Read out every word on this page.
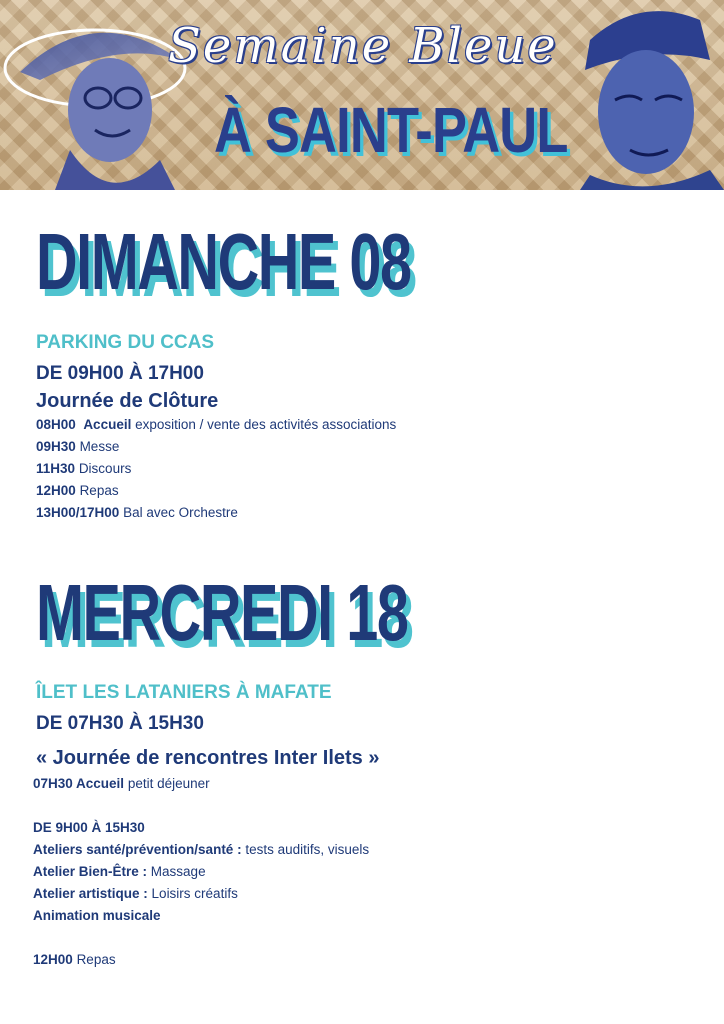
Semaine Bleue
À SAINT-PAUL
DIMANCHE 08
PARKING DU CCAS
DE 09H00 À 17H00
Journée de Clôture
08H00 Accueil exposition / vente des activités associations
09H30 Messe
11H30 Discours
12H00 Repas
13H00/17H00 Bal avec Orchestre
MERCREDI 18
ÎLET LES LATANIERS À MAFATE
DE 07H30 À 15H30
« Journée de rencontres Inter Ilets »
07H30 Accueil petit déjeuner
DE 9H00 À 15H30
Ateliers santé/prévention/santé : tests auditifs, visuels
Atelier Bien-Être : Massage
Atelier artistique : Loisirs créatifs
Animation musicale
12H00 Repas
